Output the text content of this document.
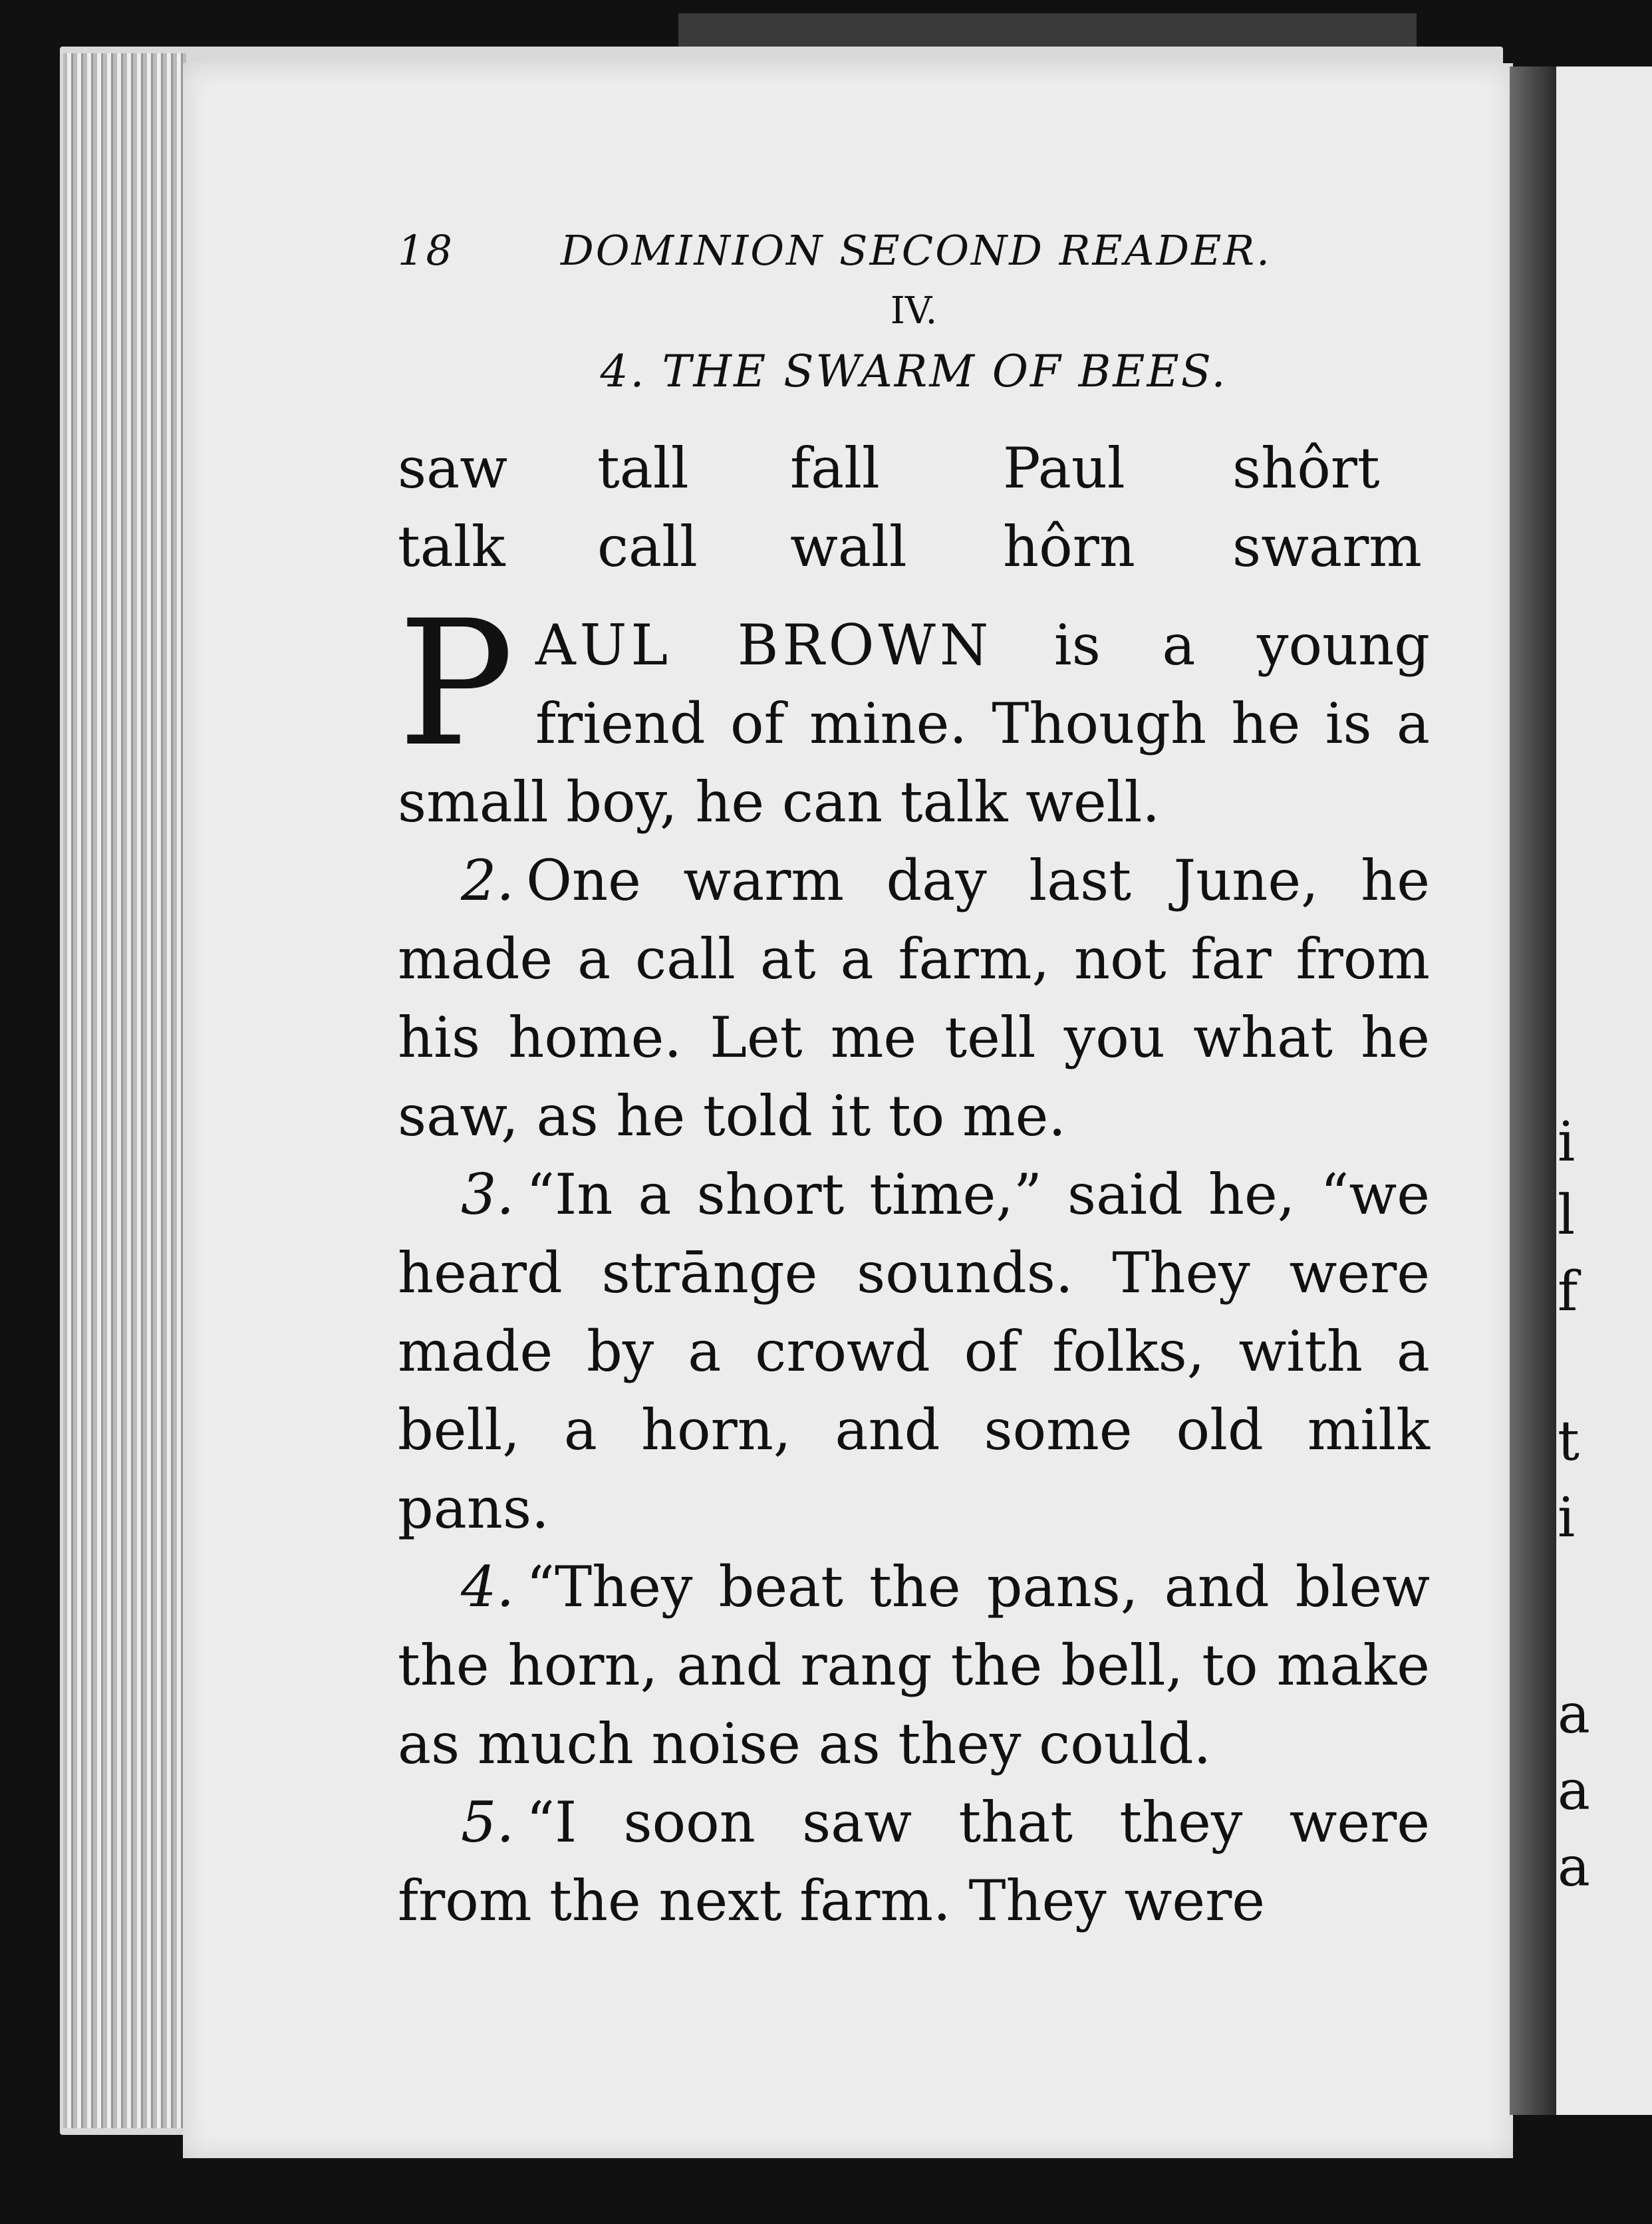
i
l
f
t
i
a
a
a
18	DOMINION SECOND READER.
IV.
4. THE SWARM OF BEES.
saw	tall	fall	Paul	shôrt
talk	call	wall	hôrn	swarm

PAUL BROWN is a young friend of mine. Though he is a small boy, he can talk well.

2. One warm day last June, he made a call at a farm, not far from his home. Let me tell you what he saw, as he told it to me.

3. “In a short time,” said he, “we heard strānge sounds. They were made by a crowd of folks, with a bell, a horn, and some old milk pans.

4. “They beat the pans, and blew the horn, and rang the bell, to make as much noise as they could.

5. “I soon saw that they were from the next farm. They were
